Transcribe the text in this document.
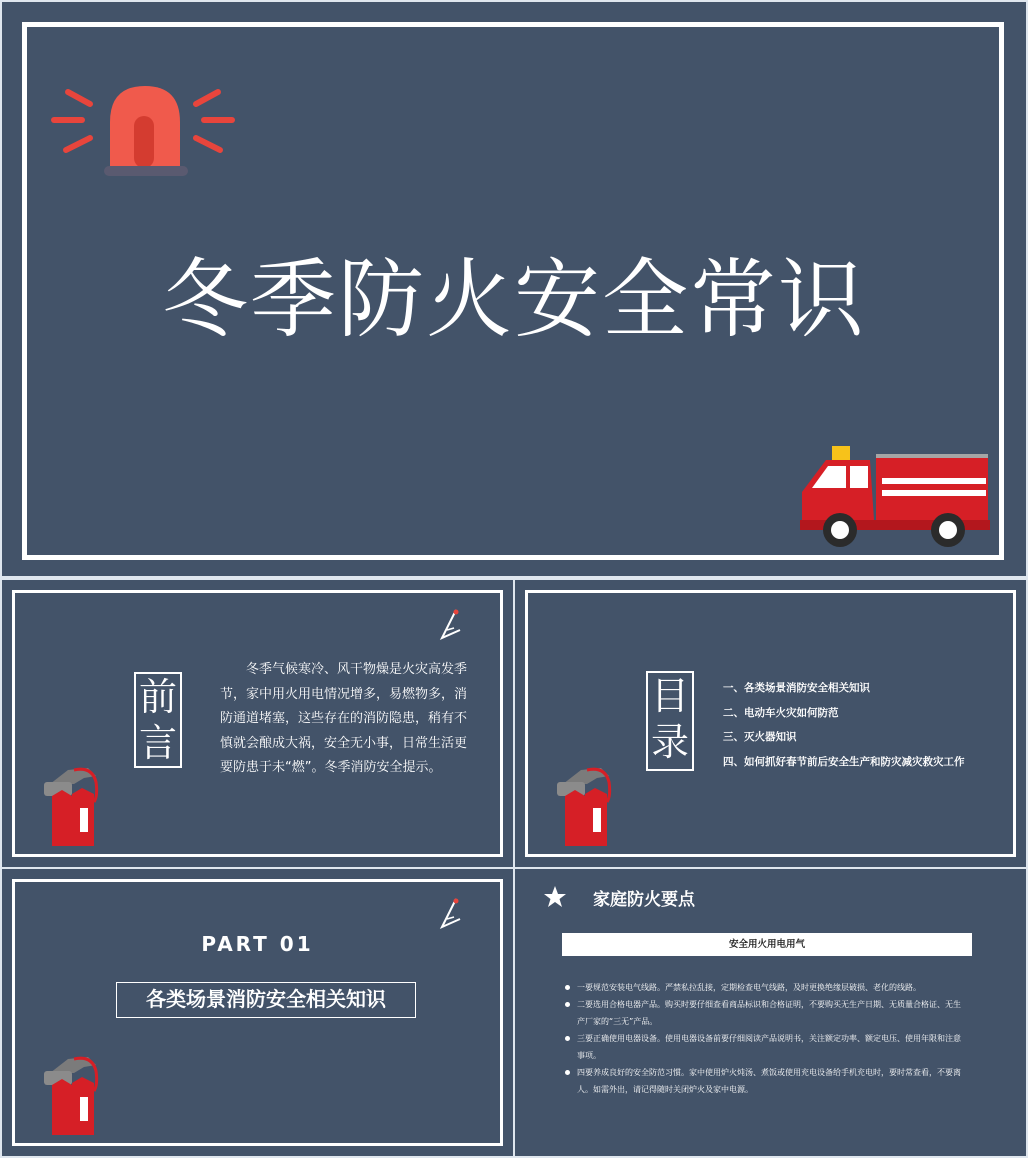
冬季防火安全常识
前
言
冬季气候寒冷、风干物燥是火灾高发季节，家中用火用电情况增多，易燃物多，消防通道堵塞，这些存在的消防隐患，稍有不慎就会酿成大祸，安全无小事，日常生活更要防患于未“燃”。冬季消防安全提示。
目
录
一、各类场景消防安全相关知识
二、电动车火灾如何防范
三、灭火器知识
四、如何抓好春节前后安全生产和防灾减灾救灾工作
PART 01
各类场景消防安全相关知识
家庭防火要点
安全用火用电用气
一要规范安装电气线路。严禁私拉乱接，定期检查电气线路，及时更换绝缘层破损、老化的线路。
二要选用合格电器产品。购买时要仔细查看商品标识和合格证明，不要购买无生产日期、无质量合格证、无生产厂家的“三无”产品。
三要正确使用电器设备。使用电器设备前要仔细阅读产品说明书，关注额定功率、额定电压、使用年限和注意事项。
四要养成良好的安全防范习惯。家中使用炉火炖汤、煮饭或使用充电设备给手机充电时，要时常查看，不要离人。如需外出，请记得随时关闭炉火及家中电源。
